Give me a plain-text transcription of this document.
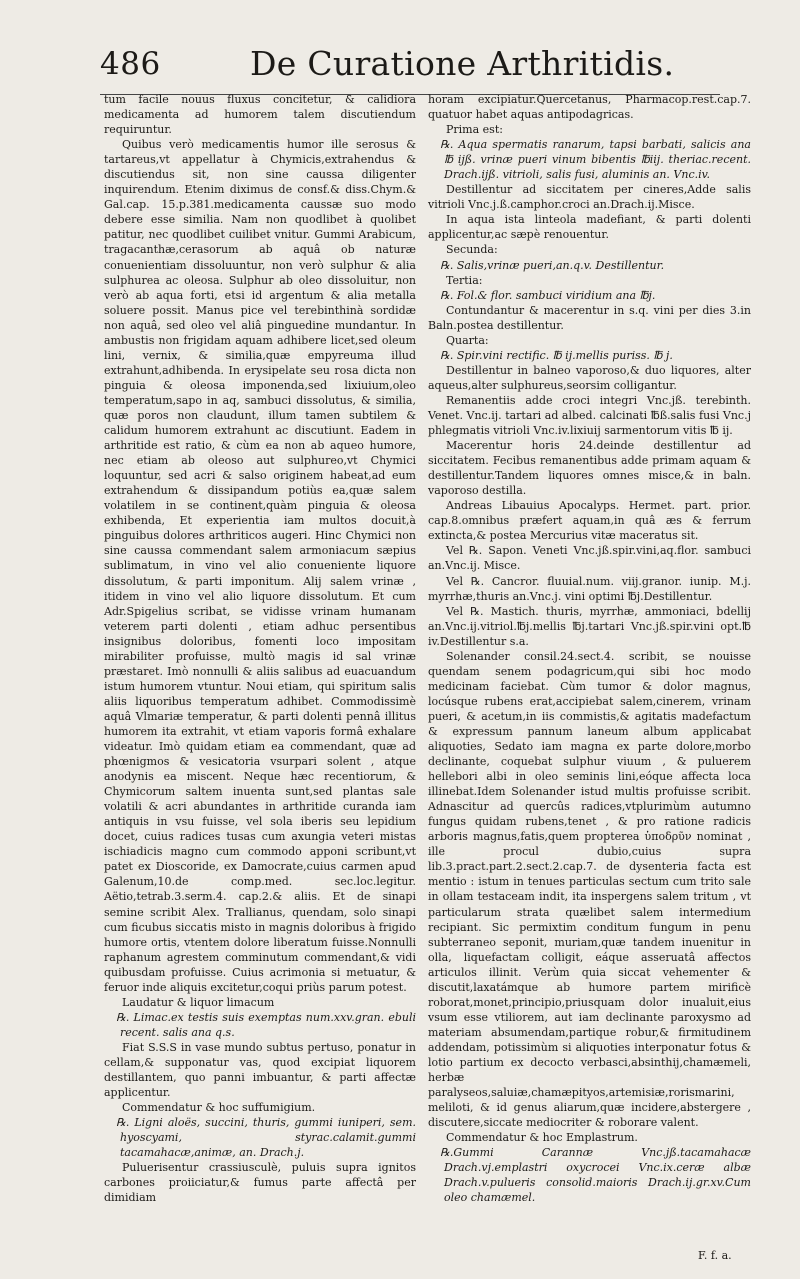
486	De Curatione Arthritidis.

tum facile nouus fluxus concitetur, & calidiora medicamenta ad humorem talem discutiendum requiruntur.

Quibus verò medicamentis humor ille serosus & tartareus,vt appellatur à Chymicis,extrahendus & discutiendus sit, non sine caussa diligenter inquirendum. Etenim diximus de consf.& diss.Chym.& Gal.cap. 15.p.381.medicamenta caussæ suo modo debere esse similia. Nam non quodlibet à quolibet patitur, nec quodlibet cuilibet vnitur. Gummi Arabicum, tragacanthæ,cerasorum ab aquâ ob naturæ conuenientiam dissoluuntur, non verò sulphur & alia sulphurea ac oleosa. Sulphur ab oleo dissoluitur, non verò ab aqua forti, etsi id argentum & alia metalla soluere possit. Manus pice vel terebinthinà sordidæ non aquâ, sed oleo vel aliâ pinguedine mundantur. In ambustis non frigidam aquam adhibere licet,sed oleum lini, vernix, & similia,quæ empyreuma illud extrahunt,adhibenda. In erysipelate seu rosa dicta non pinguia & oleosa imponenda,sed lixiuium,oleo temperatum,sapo in aq, sambuci dissolutus, & similia, quæ poros non claudunt, illum tamen subtilem & calidum humorem extrahunt ac discutiunt. Eadem in arthritide est ratio, & cùm ea non ab aqueo humore, nec etiam ab oleoso aut sulphureo,vt Chymici loquuntur, sed acri & salso originem habeat,ad eum extrahendum & dissipandum potiùs ea,quæ salem volatilem in se continent,quàm pinguia & oleosa exhibenda, Et experientia iam multos docuit,à pinguibus dolores arthriticos augeri. Hinc Chymici non sine caussa commendant salem armoniacum sæpius sublimatum, in vino vel alio conueniente liquore dissolutum, & parti imponitum. Alij salem vrinæ , itidem in vino vel alio liquore dissolutum. Et cum Adr.Spigelius scribat, se vidisse vrinam humanam veterem parti dolenti , etiam adhuc persentibus insignibus doloribus, fomenti loco impositam mirabiliter profuisse, multò magis id sal vrinæ præstaret. Imò nonnulli & aliis salibus ad euacuandum istum humorem vtuntur. Noui etiam, qui spiritum salis aliis liquoribus temperatum adhibet. Commodissimè aquâ Vlmariæ temperatur, & parti dolenti pennâ illitus humorem ita extrahit, vt etiam vaporis formâ exhalare videatur. Imò quidam etiam ea commendant, quæ ad phœnigmos & vesicatoria vsurpari solent , atque anodynis ea miscent. Neque hæc recentiorum, & Chymicorum saltem inuenta sunt,sed plantas sale volatili & acri abundantes in arthritide curanda iam antiquis in vsu fuisse, vel sola iberis seu lepidium docet, cuius radices tusas cum axungia veteri mistas ischiadicis magno cum commodo apponi scribunt,vt patet ex Dioscoride, ex Damocrate,cuius carmen apud Galenum,10.de comp.med. sec.loc.legitur. Aëtio,tetrab.3.serm.4. cap.2.& aliis. Et de sinapi semine scribit Alex. Trallianus, quendam, solo sinapi cum ficubus siccatis misto in magnis doloribus à frigido humore ortis, vtentem dolore liberatum fuisse.Nonnulli raphanum agrestem comminutum commendant,& vidi quibusdam profuisse. Cuius acrimonia si metuatur, & feruor inde aliquis excitetur,coqui priùs parum potest.

Laudatur & liquor limacum

℞. Limac.ex testis suis exemptas num.xxv.gran. ebuli recent. salis ana q.s.

Fiat S.S.S in vase mundo subtus pertuso, ponatur in cellam,& supponatur vas, quod excipiat liquorem destillantem, quo panni imbuantur, & parti affectæ applicentur.

Commendatur & hoc suffumigium.

℞. Ligni aloës, succini, thuris, gummi iuniperi, sem. hyoscyami, styrac.calamit.gummi tacamahacæ,animæ, an. Drach.j.

Puluerisentur crassiusculè, puluis supra ignitos carbones proiiciatur,& fumus parte affectâ per dimidiam

horam excipiatur.Quercetanus, Pharmacop.rest.cap.7. quatuor habet aquas antipodagricas.

Prima est:

℞. Aqua spermatis ranarum, tapsi barbati, salicis ana ℔ ijß. vrinæ pueri vinum bibentis ℔iij. theriac.recent. Drach.ijß. vitrioli, salis fusi, aluminis an. Vnc.iv.

Destillentur ad siccitatem per cineres,Adde salis vitrioli Vnc.j.ß.camphor.croci an.Drach.ij.Misce.

In aqua ista linteola madefiant, & parti dolenti applicentur,ac sæpè renouentur.

Secunda:

℞. Salis,vrinæ pueri,an.q.v. Destillentur.

Tertia:

℞. Fol.& flor. sambuci viridium ana ℔j.

Contundantur & macerentur in s.q. vini per dies 3.in Baln.postea destillentur.

Quarta:

℞. Spir.vini rectific. ℔ ij.mellis puriss. ℔ j.

Destillentur in balneo vaporoso,& duo liquores, alter aqueus,alter sulphureus,seorsim colligantur.

Remanentiis adde croci integri Vnc.jß. terebinth. Venet. Vnc.ij. tartari ad albed. calcinati ℔ß.salis fusi Vnc.j phlegmatis vitrioli Vnc.iv.lixiuij sarmentorum vitis ℔ ij.

Macerentur horis 24.deinde destillentur ad siccitatem. Fecibus remanentibus adde primam aquam & destillentur.Tandem liquores omnes misce,& in baln. vaporoso destilla.

Andreas Libauius Apocalyps. Hermet. part. prior. cap.8.omnibus præfert aquam,in quâ æs & ferrum extincta,& postea Mercurius vitæ maceratus sit.

Vel ℞. Sapon. Veneti Vnc.jß.spir.vini,aq.flor. sambuci an.Vnc.ij. Misce.

Vel ℞. Cancror. fluuial.num. viij.granor. iunip. M.j. myrrhæ,thuris an.Vnc.j. vini optimi ℔j.Destillentur.

Vel ℞. Mastich. thuris, myrrhæ, ammoniaci, bdellij an.Vnc.ij.vitriol.℔j.mellis ℔j.tartari Vnc.jß.spir.vini opt.℔ iv.Destillentur s.a.

Solenander consil.24.sect.4. scribit, se nouisse quendam senem podagricum,qui sibi hoc modo medicinam faciebat. Cùm tumor & dolor magnus, locúsque rubens erat,accipiebat salem,cinerem, vrinam pueri, & acetum,in iis commistis,& agitatis madefactum & expressum pannum laneum album applicabat aliquoties, Sedato iam magna ex parte dolore,morbo declinante, coquebat sulphur viuum , & puluerem hellebori albi in oleo seminis lini,eóque affecta loca illinebat.Idem Solenander istud multis profuisse scribit. Adnascitur ad quercûs radices,vtplurimùm autumno fungus quidam rubens,tenet , & pro ratione radicis arboris magnus,fatis,quem propterea ὑποδρῦν nominat , ille procul dubio,cuius supra lib.3.pract.part.2.sect.2.cap.7. de dysenteria facta est mentio : istum in tenues particulas sectum cum trito sale in ollam testaceam indit, ita inspergens salem tritum , vt particularum strata quælibet salem intermedium recipiant. Sic permixtim conditum fungum in penu subterraneo seponit, muriam,quæ tandem inuenitur in olla, liquefactam colligit, eáque asseruatâ affectos articulos illinit. Verùm quia siccat vehementer & discutit,laxatámque ab humore partem mirificè roborat,monet,principio,priusquam dolor inualuit,eius vsum esse vtiliorem, aut iam declinante paroxysmo ad materiam absumendam,partique robur,& firmitudinem addendam, potissimùm si aliquoties interponatur fotus & lotio partium ex decocto verbasci,absinthij,chamæmeli, herbæ paralyseos,saluiæ,chamæpityos,artemisiæ,rorismarini, meliloti, & id genus aliarum,quæ incidere,abstergere , discutere,siccate mediocriter & roborare valent.

Commendatur & hoc Emplastrum.

℞.Gummi Carannæ Vnc.jß.tacamahacæ Drach.vj.emplastri oxycrocei Vnc.ix.ceræ albæ Drach.v.pulueris consolid.maioris Drach.ij.gr.xv.Cum oleo chamæmel.

F. f. a.
